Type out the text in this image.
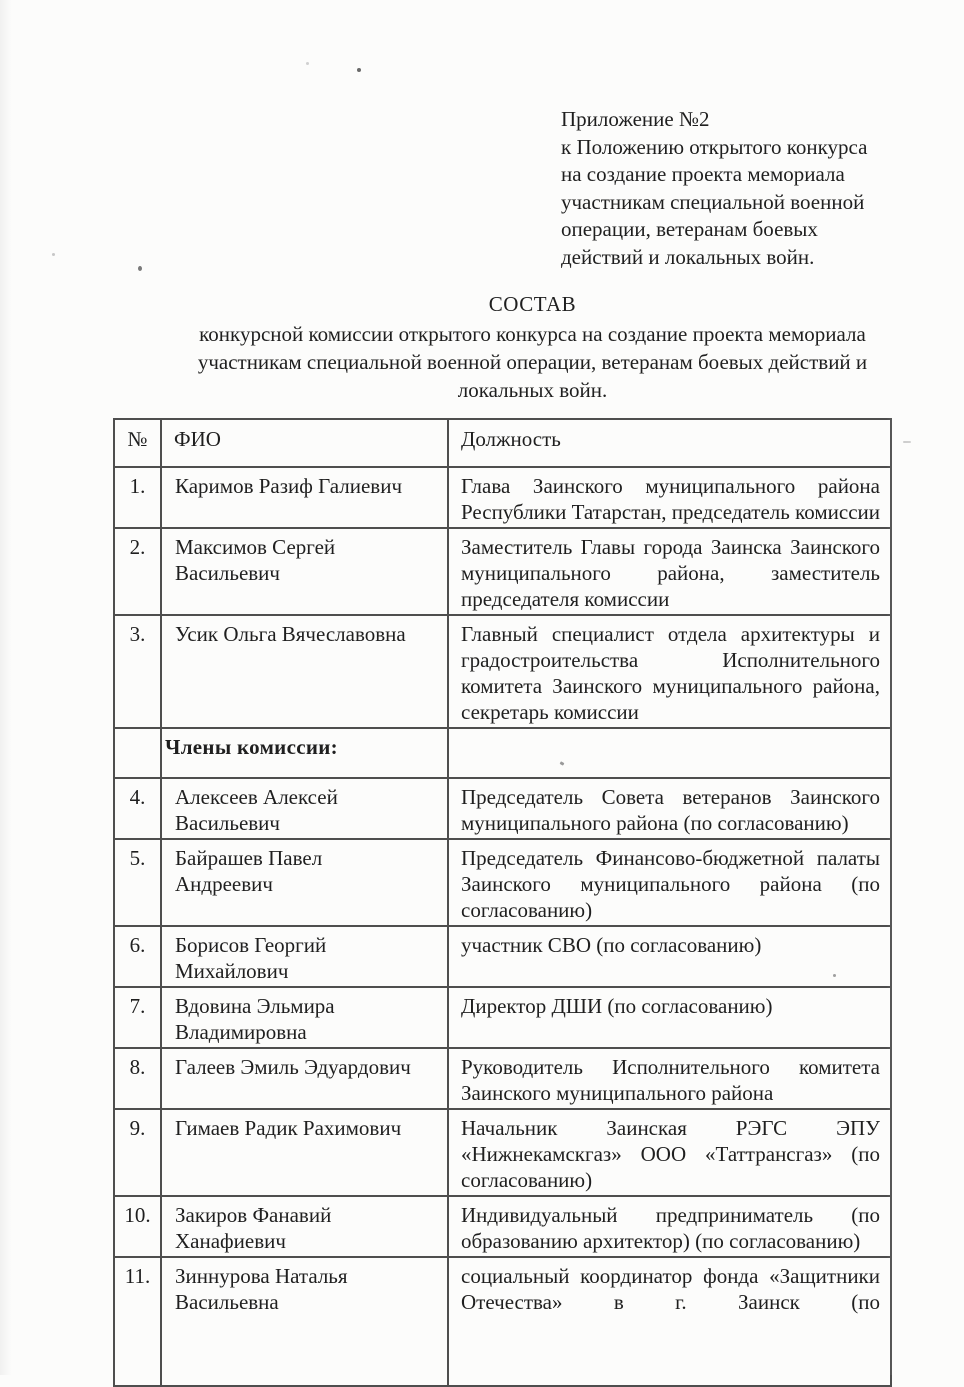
Приложение №2
к Положению открытого конкурса
на создание проекта мемориала
участникам специальной военной
операции, ветеранам боевых
действий и локальных войн.
СОСТАВ
конкурсной комиссии открытого конкурса на создание проекта мемориала
участникам специальной военной операции, ветеранам боевых действий и
локальных войн.
№	ФИО	Должность
1.	Каримов Разиф Галиевич	Глава Заинского муниципального района Республики Татарстан, председатель комиссии
2.	Максимов Сергей Васильевич	Заместитель Главы города Заинска Заинского муниципального района, заместитель председателя комиссии
3.	Усик Ольга Вячеславовна	Главный специалист отдела архитектуры и градостроительства Исполнительного комитета Заинского муниципального района, секретарь комиссии
	Члены комиссии:	
4.	Алексеев Алексей Васильевич	Председатель Совета ветеранов Заинского муниципального района (по согласованию)
5.	Байрашев Павел Андреевич	Председатель Финансово-бюджетной палаты Заинского муниципального района (по согласованию)
6.	Борисов Георгий Михайлович	участник СВО (по согласованию)
7.	Вдовина Эльмира Владимировна	Директор ДШИ (по согласованию)
8.	Галеев Эмиль Эдуардович	Руководитель Исполнительного комитета Заинского муниципального района
9.	Гимаев Радик Рахимович	Начальник Заинская РЭГС ЭПУ «Нижнекамскгаз» ООО «Таттрансгаз» (по согласованию)
10.	Закиров Фанавий Ханафиевич	Индивидуальный предприниматель (по образованию архитектор) (по согласованию)
11.	Зиннурова Наталья Васильевна	социальный координатор фонда «Защитники Отечества» в г. Заинск (по
